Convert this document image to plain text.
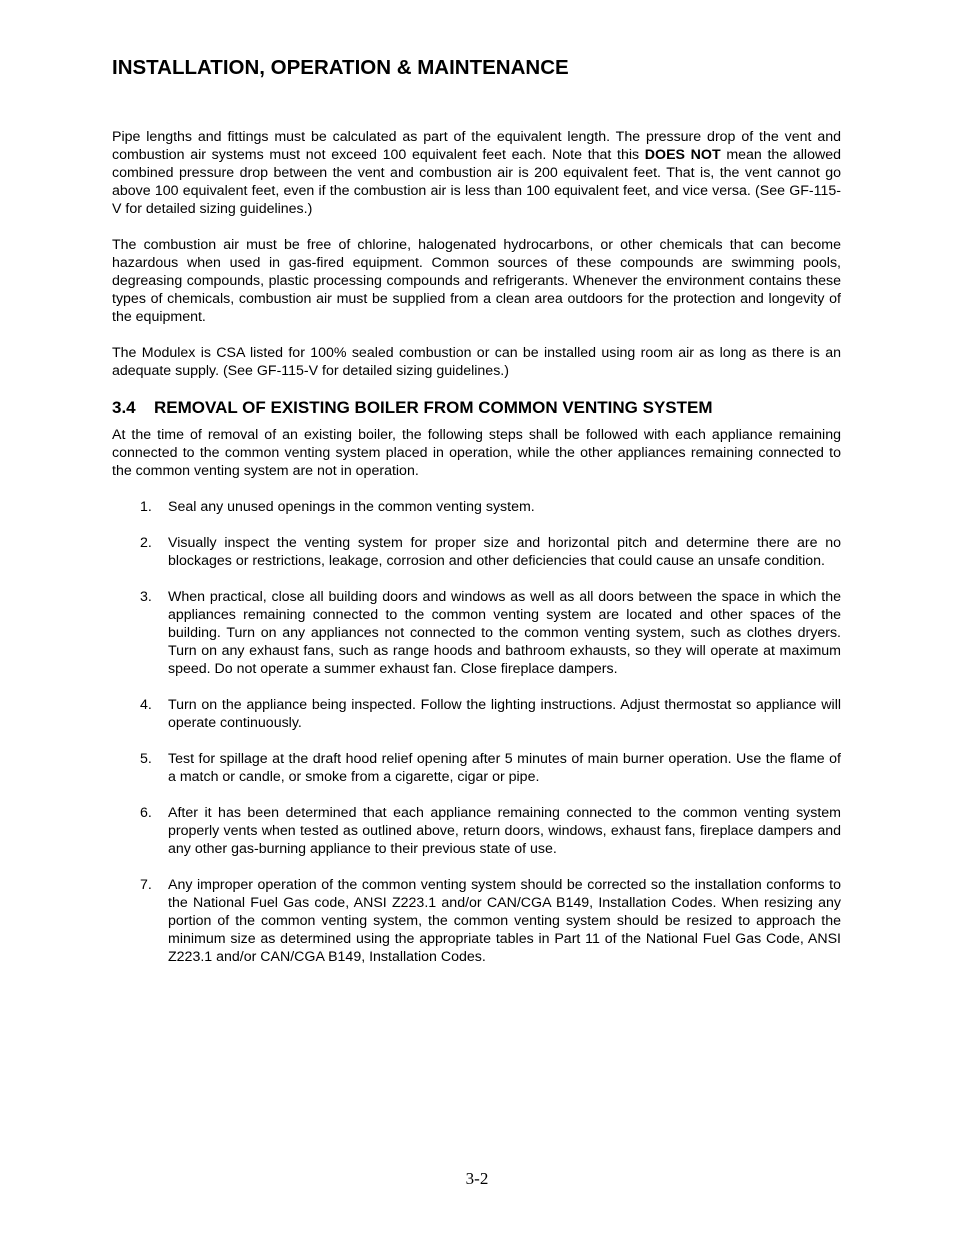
INSTALLATION, OPERATION & MAINTENANCE

Pipe lengths and fittings must be calculated as part of the equivalent length. The pressure drop of the vent and combustion air systems must not exceed 100 equivalent feet each. Note that this DOES NOT mean the allowed combined pressure drop between the vent and combustion air is 200 equivalent feet. That is, the vent cannot go above 100 equivalent feet, even if the combustion air is less than 100 equivalent feet, and vice versa. (See GF-115-V for detailed sizing guidelines.)

The combustion air must be free of chlorine, halogenated hydrocarbons, or other chemicals that can become hazardous when used in gas-fired equipment. Common sources of these compounds are swimming pools, degreasing compounds, plastic processing compounds and refrigerants. Whenever the environment contains these types of chemicals, combustion air must be supplied from a clean area outdoors for the protection and longevity of the equipment.

The Modulex is CSA listed for 100% sealed combustion or can be installed using room air as long as there is an adequate supply. (See GF-115-V for detailed sizing guidelines.)

3.4	REMOVAL OF EXISTING BOILER FROM COMMON VENTING SYSTEM

At the time of removal of an existing boiler, the following steps shall be followed with each appliance remaining connected to the common venting system placed in operation, while the other appliances remaining connected to the common venting system are not in operation.

1.	Seal any unused openings in the common venting system.
2.	Visually inspect the venting system for proper size and horizontal pitch and determine there are no blockages or restrictions, leakage, corrosion and other deficiencies that could cause an unsafe condition.
3.	When practical, close all building doors and windows as well as all doors between the space in which the appliances remaining connected to the common venting system are located and other spaces of the building. Turn on any appliances not connected to the common venting system, such as clothes dryers. Turn on any exhaust fans, such as range hoods and bathroom exhausts, so they will operate at maximum speed. Do not operate a summer exhaust fan. Close fireplace dampers.
4.	Turn on the appliance being inspected. Follow the lighting instructions. Adjust thermostat so appliance will operate continuously.
5.	Test for spillage at the draft hood relief opening after 5 minutes of main burner operation. Use the flame of a match or candle, or smoke from a cigarette, cigar or pipe.
6.	After it has been determined that each appliance remaining connected to the common venting system properly vents when tested as outlined above, return doors, windows, exhaust fans, fireplace dampers and any other gas-burning appliance to their previous state of use.
7.	Any improper operation of the common venting system should be corrected so the installation conforms to the National Fuel Gas code, ANSI Z223.1 and/or CAN/CGA B149, Installation Codes. When resizing any portion of the common venting system, the common venting system should be resized to approach the minimum size as determined using the appropriate tables in Part 11 of the National Fuel Gas Code, ANSI Z223.1 and/or CAN/CGA B149, Installation Codes.
3-2
